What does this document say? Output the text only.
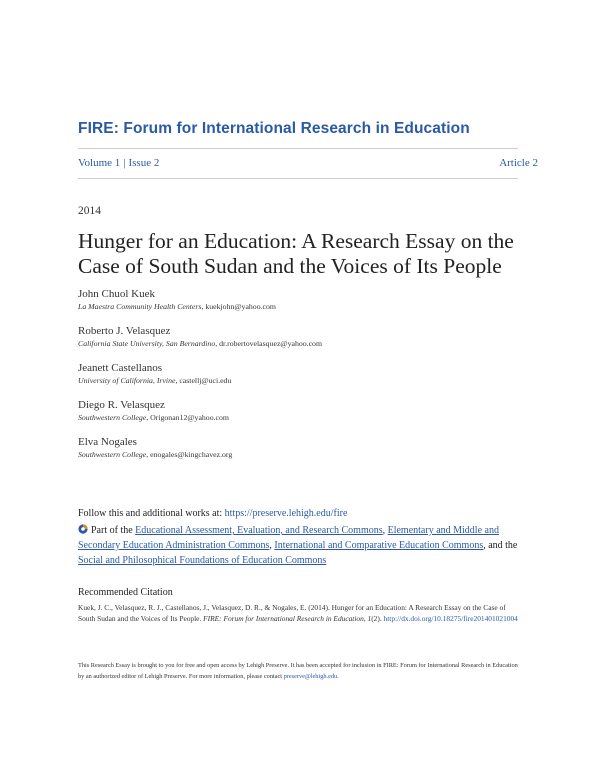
FIRE: Forum for International Research in Education
Volume 1 | Issue 2	Article 2
2014
Hunger for an Education: A Research Essay on the
Case of South Sudan and the Voices of Its People
John Chuol Kuek
La Maestra Community Health Centers, kuekjohn@yahoo.com
Roberto J. Velasquez
California State University, San Bernardino, dr.robertovelasquez@yahoo.com
Jeanett Castellanos
University of California, Irvine, castellj@uci.edu
Diego R. Velasquez
Southwestern College, Origonan12@yahoo.com
Elva Nogales
Southwestern College, enogales@kingchavez.org
Follow this and additional works at: https://preserve.lehigh.edu/fire
Part of the Educational Assessment, Evaluation, and Research Commons, Elementary and Middle and Secondary Education Administration Commons, International and Comparative Education Commons, and the Social and Philosophical Foundations of Education Commons
Recommended Citation
Kuek, J. C., Velasquez, R. J., Castellanos, J., Velasquez, D. R., & Nogales, E. (2014). Hunger for an Education: A Research Essay on the Case of South Sudan and the Voices of Its People. FIRE: Forum for International Research in Education, 1(2). http://dx.doi.org/10.18275/fire201401021004
This Research Essay is brought to you for free and open access by Lehigh Preserve. It has been accepted for inclusion in FIRE: Forum for International Research in Education by an authorized editor of Lehigh Preserve. For more information, please contact preserve@lehigh.edu.
